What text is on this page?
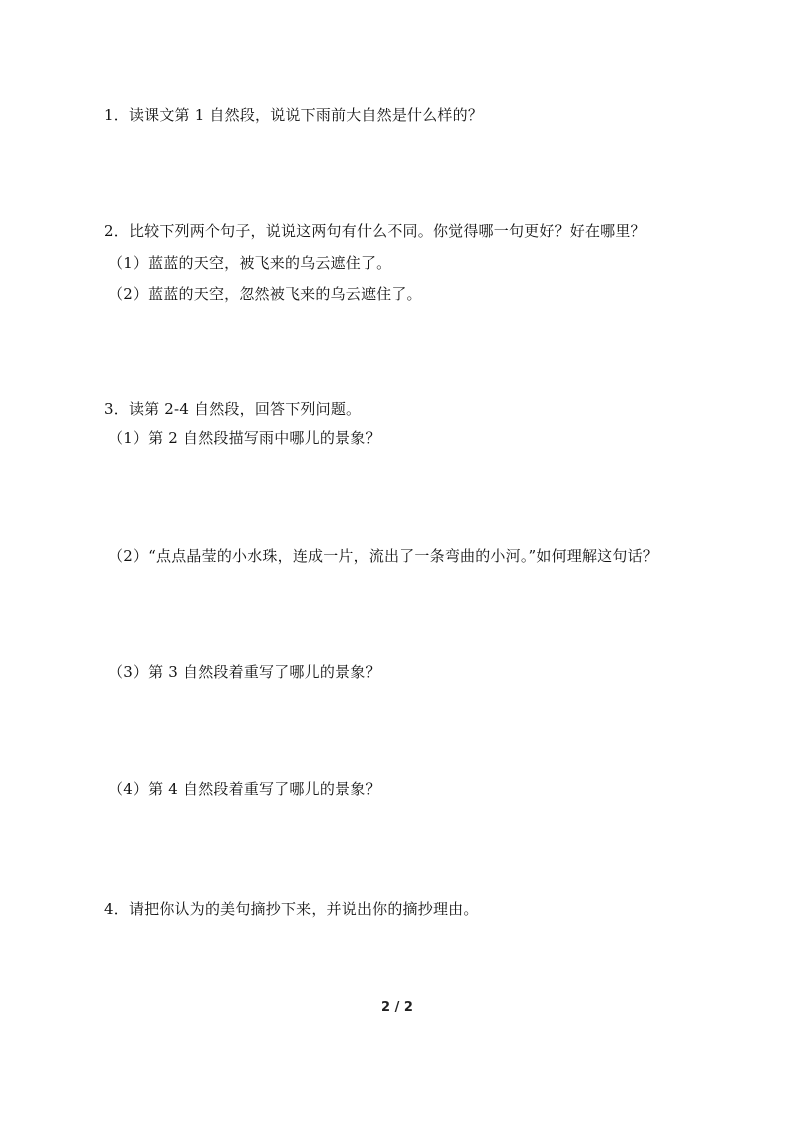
1．读课文第 1 自然段，说说下雨前大自然是什么样的？
2．比较下列两个句子，说说这两句有什么不同。你觉得哪一句更好？好在哪里？
（1）蓝蓝的天空，被飞来的乌云遮住了。
（2）蓝蓝的天空，忽然被飞来的乌云遮住了。
3．读第 2-4 自然段，回答下列问题。
（1）第 2 自然段描写雨中哪儿的景象？
（2）“点点晶莹的小水珠，连成一片，流出了一条弯曲的小河。”如何理解这句话？
（3）第 3 自然段着重写了哪儿的景象？
（4）第 4 自然段着重写了哪儿的景象？
4．请把你认为的美句摘抄下来，并说出你的摘抄理由。
2 / 2
